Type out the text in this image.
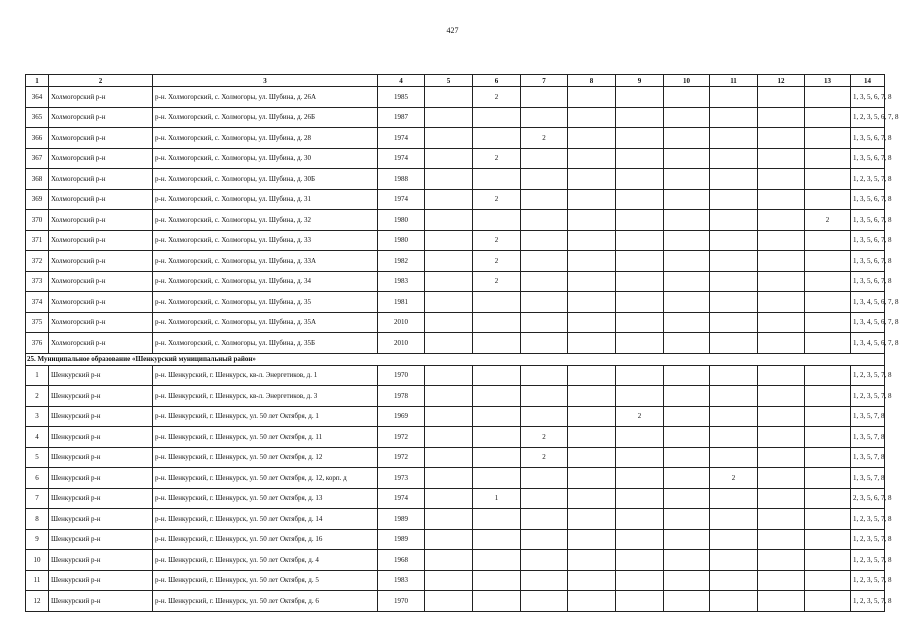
427
1	2	3	4	5	6	7	8	9	10	11	12	13	14
364	Холмогорский р-н	р-н. Холмогорский, с. Холмогоры, ул. Шубина, д. 26А	1985		2								1, 3, 5, 6, 7, 8
365	Холмогорский р-н	р-н. Холмогорский, с. Холмогоры, ул. Шубина, д. 26Б	1987										1, 2, 3, 5, 6, 7, 8
366	Холмогорский р-н	р-н. Холмогорский, с. Холмогоры, ул. Шубина, д. 28	1974			2							1, 3, 5, 6, 7, 8
367	Холмогорский р-н	р-н. Холмогорский, с. Холмогоры, ул. Шубина, д. 30	1974		2								1, 3, 5, 6, 7, 8
368	Холмогорский р-н	р-н. Холмогорский, с. Холмогоры, ул. Шубина, д. 30Б	1988										1, 2, 3, 5, 7, 8
369	Холмогорский р-н	р-н. Холмогорский, с. Холмогоры, ул. Шубина, д. 31	1974		2								1, 3, 5, 6, 7, 8
370	Холмогорский р-н	р-н. Холмогорский, с. Холмогоры, ул. Шубина, д. 32	1980									2	1, 3, 5, 6, 7, 8
371	Холмогорский р-н	р-н. Холмогорский, с. Холмогоры, ул. Шубина, д. 33	1980		2								1, 3, 5, 6, 7, 8
372	Холмогорский р-н	р-н. Холмогорский, с. Холмогоры, ул. Шубина, д. 33А	1982		2								1, 3, 5, 6, 7, 8
373	Холмогорский р-н	р-н. Холмогорский, с. Холмогоры, ул. Шубина, д. 34	1983		2								1, 3, 5, 6, 7, 8
374	Холмогорский р-н	р-н. Холмогорский, с. Холмогоры, ул. Шубина, д. 35	1981										1, 3, 4, 5, 6, 7, 8
375	Холмогорский р-н	р-н. Холмогорский, с. Холмогоры, ул. Шубина, д. 35А	2010										1, 3, 4, 5, 6, 7, 8
376	Холмогорский р-н	р-н. Холмогорский, с. Холмогоры, ул. Шубина, д. 35Б	2010										1, 3, 4, 5, 6, 7, 8
25. Муниципальное образование «Шенкурский муниципальный район»													
1	Шенкурский р-н	р-н. Шенкурский, г. Шенкурск, кв-л. Энергетиков, д. 1	1970										1, 2, 3, 5, 7, 8
2	Шенкурский р-н	р-н. Шенкурский, г. Шенкурск, кв-л. Энергетиков, д. 3	1978										1, 2, 3, 5, 7, 8
3	Шенкурский р-н	р-н. Шенкурский, г. Шенкурск, ул. 50 лет Октября, д. 1	1969					2					1, 3, 5, 7, 8
4	Шенкурский р-н	р-н. Шенкурский, г. Шенкурск, ул. 50 лет Октября, д. 11	1972			2							1, 3, 5, 7, 8
5	Шенкурский р-н	р-н. Шенкурский, г. Шенкурск, ул. 50 лет Октября, д. 12	1972			2							1, 3, 5, 7, 8
6	Шенкурский р-н	р-н. Шенкурский, г. Шенкурск, ул. 50 лет Октября, д. 12, корп. д	1973							2			1, 3, 5, 7, 8
7	Шенкурский р-н	р-н. Шенкурский, г. Шенкурск, ул. 50 лет Октября, д. 13	1974		1								2, 3, 5, 6, 7, 8
8	Шенкурский р-н	р-н. Шенкурский, г. Шенкурск, ул. 50 лет Октября, д. 14	1989										1, 2, 3, 5, 7, 8
9	Шенкурский р-н	р-н. Шенкурский, г. Шенкурск, ул. 50 лет Октября, д. 16	1989										1, 2, 3, 5, 7, 8
10	Шенкурский р-н	р-н. Шенкурский, г. Шенкурск, ул. 50 лет Октября, д. 4	1968										1, 2, 3, 5, 7, 8
11	Шенкурский р-н	р-н. Шенкурский, г. Шенкурск, ул. 50 лет Октября, д. 5	1983										1, 2, 3, 5, 7, 8
12	Шенкурский р-н	р-н. Шенкурский, г. Шенкурск, ул. 50 лет Октября, д. 6	1970										1, 2, 3, 5, 7, 8
